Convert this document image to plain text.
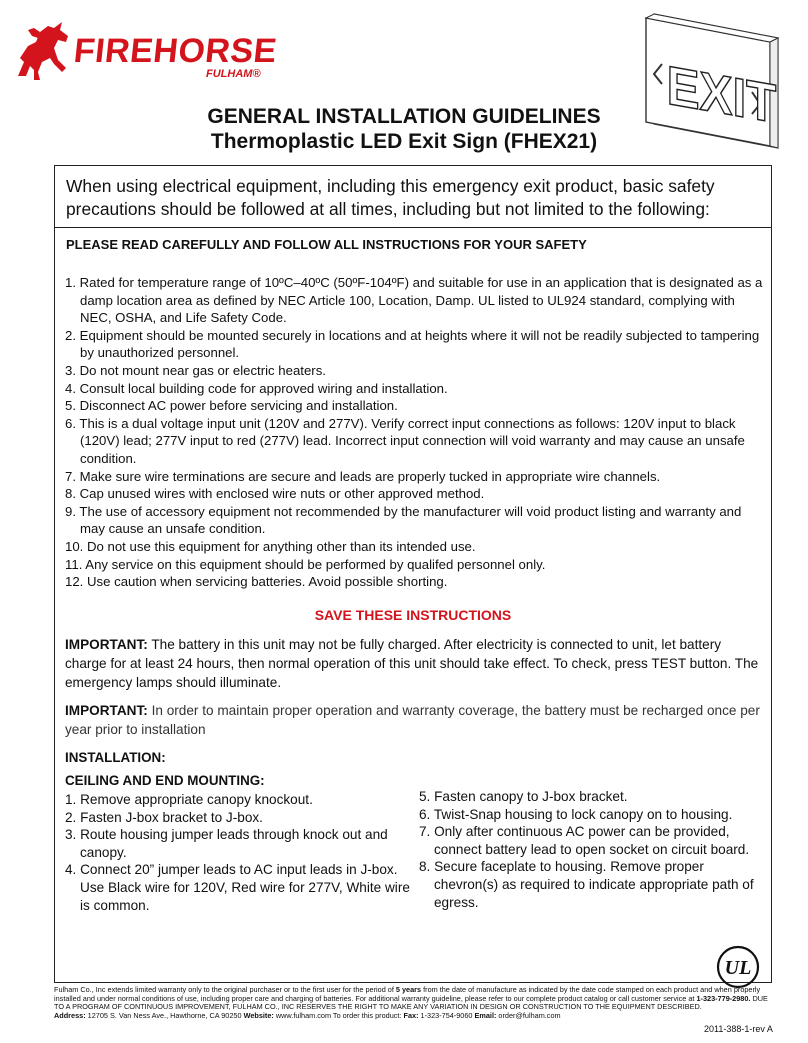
FIREHORSE
FULHAM®	EXIT
GENERAL INSTALLATION GUIDELINES
Thermoplastic LED Exit Sign (FHEX21)
When using electrical equipment, including this emergency exit product, basic safety precautions should be followed at all times, including but not limited to the following:
PLEASE READ CAREFULLY AND FOLLOW ALL INSTRUCTIONS FOR YOUR SAFETY
1. Rated for temperature range of 10ºC–40ºC (50ºF-104ºF) and suitable for use in an application that is designated as a damp location area as defined by NEC Article 100, Location, Damp. UL listed to UL924 standard, complying with NEC, OSHA, and Life Safety Code.
2. Equipment should be mounted securely in locations and at heights where it will not be readily subjected to tampering by unauthorized personnel.
3. Do not mount near gas or electric heaters.
4. Consult local building code for approved wiring and installation.
5. Disconnect AC power before servicing and installation.
6. This is a dual voltage input unit (120V and 277V). Verify correct input connections as follows: 120V input to black (120V) lead; 277V input to red (277V) lead. Incorrect input connection will void warranty and may cause an unsafe condition.
7. Make sure wire terminations are secure and leads are properly tucked in appropriate wire channels.
8. Cap unused wires with enclosed wire nuts or other approved method.
9. The use of accessory equipment not recommended by the manufacturer will void product listing and warranty and may cause an unsafe condition.
10. Do not use this equipment for anything other than its intended use.
11. Any service on this equipment should be performed by qualifed personnel only.
12. Use caution when servicing batteries. Avoid possible shorting.
SAVE THESE INSTRUCTIONS
IMPORTANT: The battery in this unit may not be fully charged. After electricity is connected to unit, let battery charge for at least 24 hours, then normal operation of this unit should take effect. To check, press TEST button. The emergency lamps should illuminate.
IMPORTANT: In order to maintain proper operation and warranty coverage, the battery must be recharged once per year prior to installation
INSTALLATION:
CEILING AND END MOUNTING:
1. Remove appropriate canopy knockout.
2. Fasten J-box bracket to J-box.
3. Route housing jumper leads through knock out and canopy.
4. Connect 20” jumper leads to AC input leads in J-box. Use Black wire for 120V, Red wire for 277V, White wire is common.
5. Fasten canopy to J-box bracket.
6. Twist-Snap housing to lock canopy on to housing.
7. Only after continuous AC power can be provided, connect battery lead to open socket on circuit board.
8. Secure faceplate to housing. Remove proper chevron(s) as required to indicate appropriate path of egress.
UL
Fulham Co., Inc extends limited warranty only to the original purchaser or to the first user for the period of 5 years from the date of manufacture as indicated by the date code stamped on each product and when properly installed and under normal conditions of use, including proper care and charging of batteries. For additional warranty guideline, please refer to our complete product catalog or call customer service at 1-323-779-2980. DUE TO A PROGRAM OF CONTINUOUS IMPROVEMENT, FULHAM CO., INC RESERVES THE RIGHT TO MAKE ANY VARIATION IN DESIGN OR CONSTRUCTION TO THE EQUIPMENT DESCRIBED.
Address: 12705 S. Van Ness Ave., Hawthorne, CA 90250 Website: www.fulham.com To order this product: Fax: 1-323-754-9060 Email: order@fulham.com
2011-388-1-rev A
